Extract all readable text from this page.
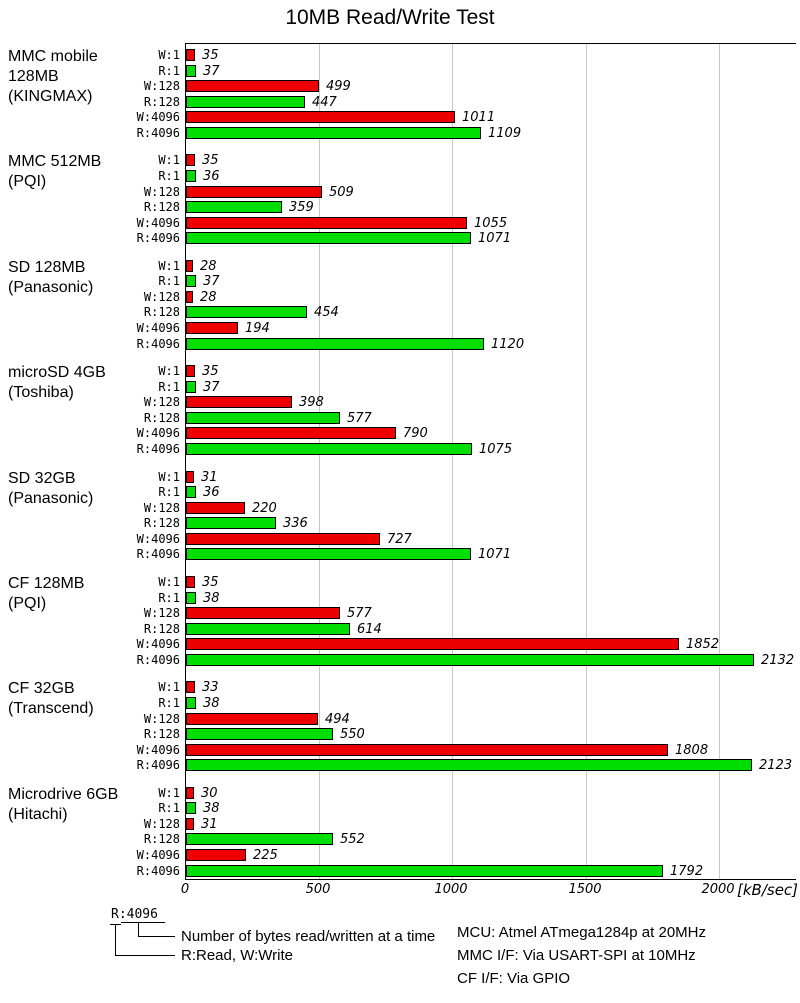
10MB Read/Write Test
W:1 35
R:1 37
W:128	499
R:128	447
W:4096	1011
R:4096	1109
W:1 35
R:1 36
W:128	509
R:128	359
W:4096	1055
R:4096	1071
W:1 28
R:1 37
W:128 28
R:128	454
W:4096	194
R:4096	1120
W:1 35
R:1 37
W:128	398
R:128	577
W:4096	790
R:4096	1075
W:1 31
R:1 36
W:128	220
R:128	336
W:4096	727
R:4096	1071
W:1 35
R:1 38
W:128	577
R:128	614
W:4096	1852
R:4096	2132
W:1 33
R:1 38
W:128	494
R:128	550
W:4096	1808
R:4096	2123
W:1 30
R:1 38
W:128 31
R:128	552
W:4096	225
R:4096	1792
MMC mobile
128MB
(KINGMAX)
MMC 512MB
(PQI)
SD 128MB
(Panasonic)
microSD 4GB
(Toshiba)
SD 32GB
(Panasonic)
CF 128MB
(PQI)
CF 32GB
(Transcend)
Microdrive 6GB
(Hitachi)
0	500	1000	1500	2000 [kB/sec]
R:4096
Number of bytes read/written at a time
R:Read, W:Write
MCU: Atmel ATmega1284p at 20MHz
MMC I/F: Via USART-SPI at 10MHz
CF I/F: Via GPIO
